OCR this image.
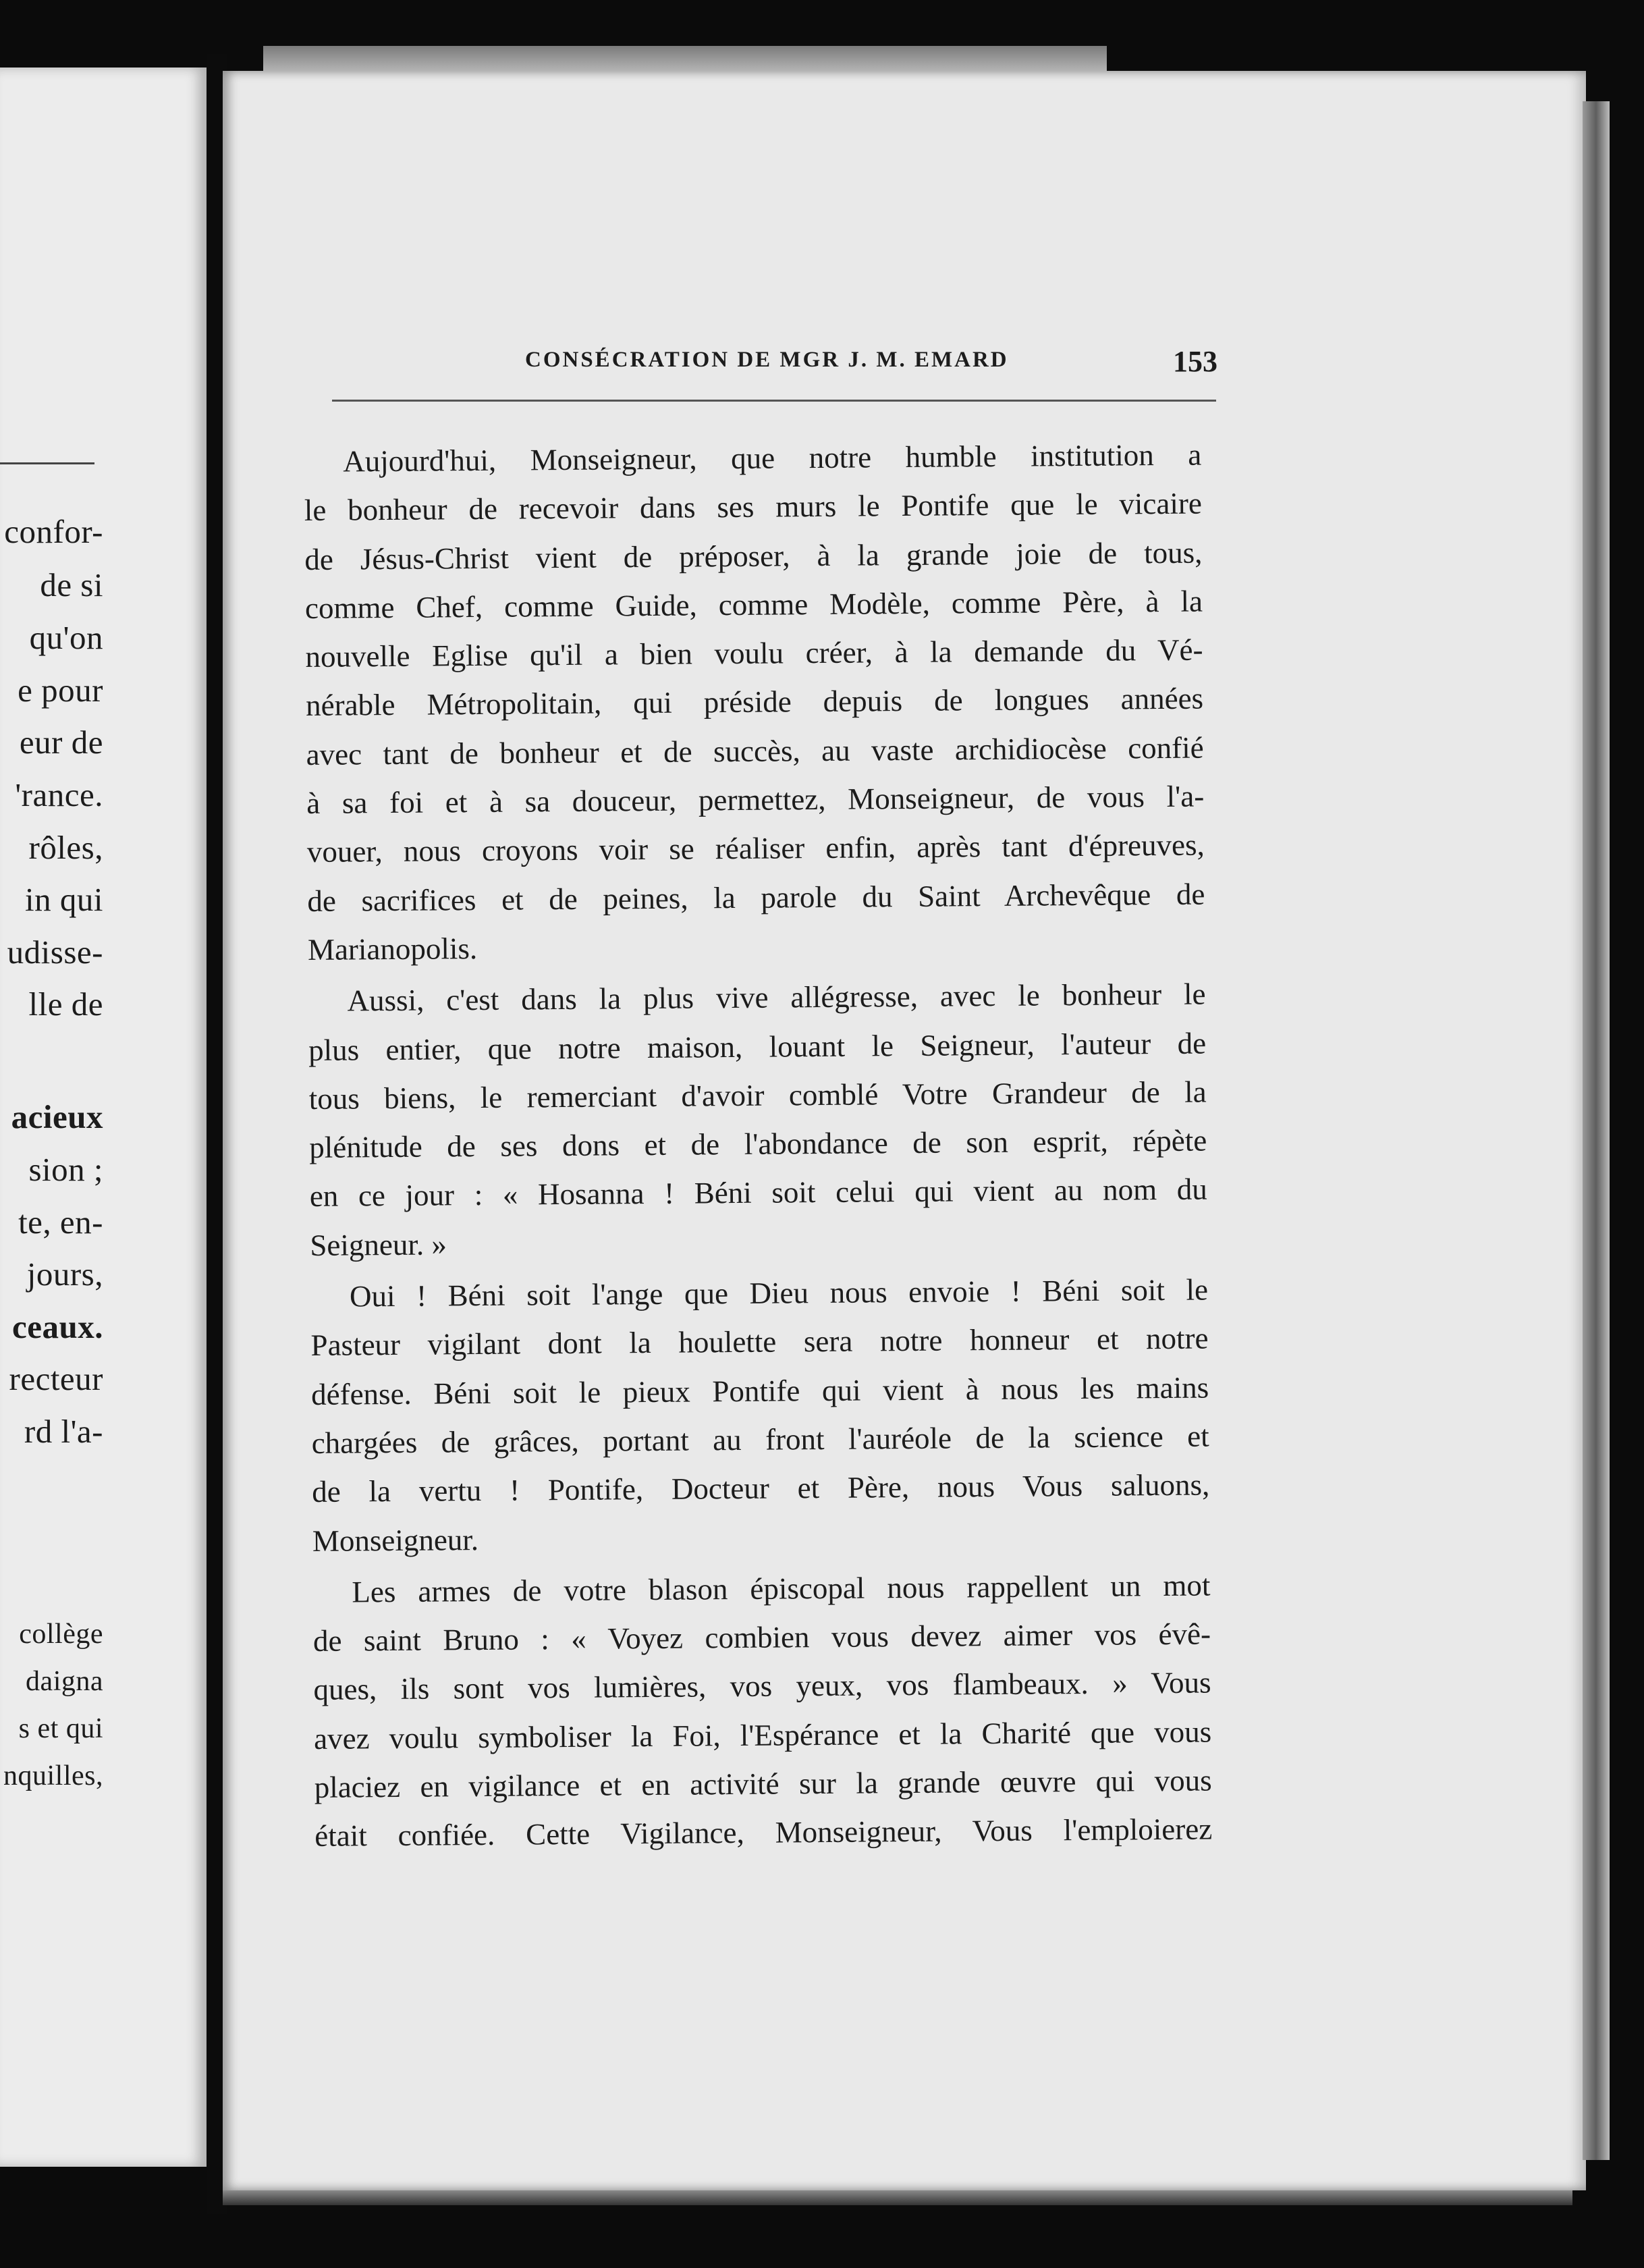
confor-
de si
qu'on
e pour
eur de
'rance.
rôles,
in qui
udisse-
lle de
acieux
sion ;
te, en-
jours,
ceaux.
recteur
rd l'a-
collège
daigna
s et qui
nquilles,
CONSÉCRATION DE MGR J. M. EMARD	153
Aujourd'hui, Monseigneur, que notre humble institution a
le bonheur de recevoir dans ses murs le Pontife que le vicaire
de Jésus-Christ vient de préposer, à la grande joie de tous,
comme Chef, comme Guide, comme Modèle, comme Père, à la
nouvelle Eglise qu'il a bien voulu créer, à la demande du Vé-
nérable Métropolitain, qui préside depuis de longues années
avec tant de bonheur et de succès, au vaste archidiocèse confié
à sa foi et à sa douceur, permettez, Monseigneur, de vous l'a-
vouer, nous croyons voir se réaliser enfin, après tant d'épreuves,
de sacrifices et de peines, la parole du Saint Archevêque de
Marianopolis.
Aussi, c'est dans la plus vive allégresse, avec le bonheur le
plus entier, que notre maison, louant le Seigneur, l'auteur de
tous biens, le remerciant d'avoir comblé Votre Grandeur de la
plénitude de ses dons et de l'abondance de son esprit, répète
en ce jour : « Hosanna ! Béni soit celui qui vient au nom du
Seigneur. »
Oui ! Béni soit l'ange que Dieu nous envoie ! Béni soit le
Pasteur vigilant dont la houlette sera notre honneur et notre
défense. Béni soit le pieux Pontife qui vient à nous les mains
chargées de grâces, portant au front l'auréole de la science et
de la vertu ! Pontife, Docteur et Père, nous Vous saluons,
Monseigneur.
Les armes de votre blason épiscopal nous rappellent un mot
de saint Bruno : « Voyez combien vous devez aimer vos évê-
ques, ils sont vos lumières, vos yeux, vos flambeaux. » Vous
avez voulu symboliser la Foi, l'Espérance et la Charité que vous
placiez en vigilance et en activité sur la grande œuvre qui vous
était confiée. Cette Vigilance, Monseigneur, Vous l'emploierez
